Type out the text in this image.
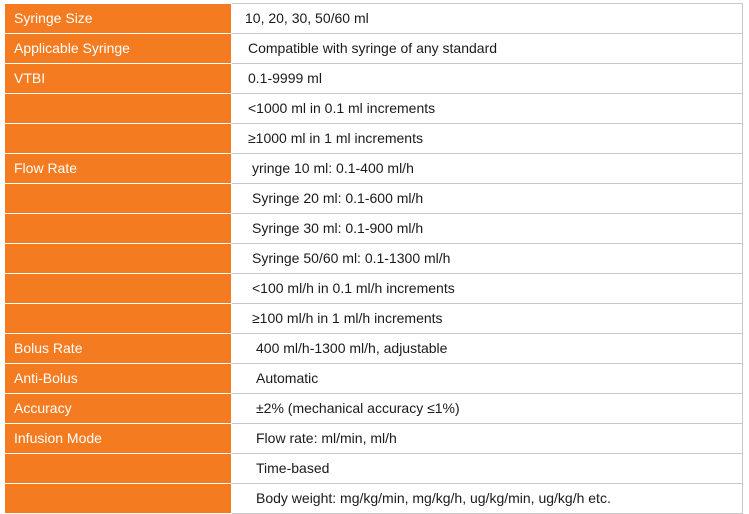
Syringe Size	10, 20, 30, 50/60 ml
Applicable Syringe	Compatible with syringe of any standard
VTBI	0.1-9999 ml
	<1000 ml in 0.1 ml increments
	≥1000 ml in 1 ml increments
Flow Rate	yringe 10 ml: 0.1-400 ml/h
	Syringe 20 ml: 0.1-600 ml/h
	Syringe 30 ml: 0.1-900 ml/h
	Syringe 50/60 ml: 0.1-1300 ml/h
	<100 ml/h in 0.1 ml/h increments
	≥100 ml/h in 1 ml/h increments
Bolus Rate	400 ml/h-1300 ml/h, adjustable
Anti-Bolus	Automatic
Accuracy	±2% (mechanical accuracy ≤1%)
Infusion Mode	Flow rate: ml/min, ml/h
	Time-based
	Body weight: mg/kg/min, mg/kg/h, ug/kg/min, ug/kg/h etc.
